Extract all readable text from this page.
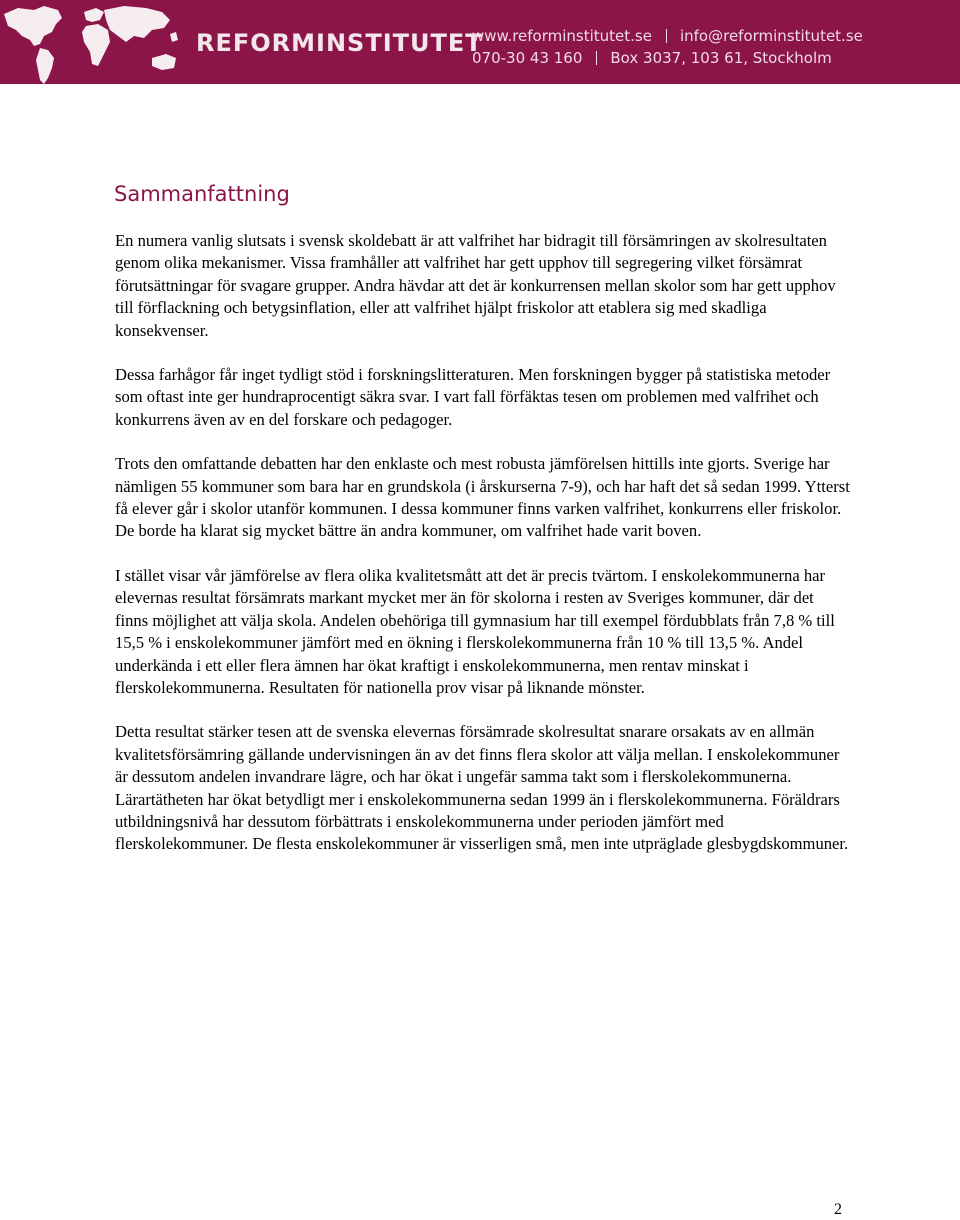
REFORMINSTITUTET
www.reforminstitutet.se info@reforminstitutet.se
070-30 43 160 Box 3037, 103 61, Stockholm
Sammanfattning

En numera vanlig slutsats i svensk skoldebatt är att valfrihet har bidragit till försämringen av skolresultaten genom olika mekanismer. Vissa framhåller att valfrihet har gett upphov till segregering vilket försämrat förutsättningar för svagare grupper. Andra hävdar att det är konkurrensen mellan skolor som har gett upphov till förflackning och betygsinflation, eller att valfrihet hjälpt friskolor att etablera sig med skadliga konsekvenser.

Dessa farhågor får inget tydligt stöd i forskningslitteraturen. Men forskningen bygger på statistiska metoder som oftast inte ger hundraprocentigt säkra svar. I vart fall förfäktas tesen om problemen med valfrihet och konkurrens även av en del forskare och pedagoger.

Trots den omfattande debatten har den enklaste och mest robusta jämförelsen hittills inte gjorts. Sverige har nämligen 55 kommuner som bara har en grundskola (i årskurserna 7-9), och har haft det så sedan 1999. Ytterst få elever går i skolor utanför kommunen. I dessa kommuner finns varken valfrihet, konkurrens eller friskolor. De borde ha klarat sig mycket bättre än andra kommuner, om valfrihet hade varit boven.

I stället visar vår jämförelse av flera olika kvalitetsmått att det är precis tvärtom. I enskolekommunerna har elevernas resultat försämrats markant mycket mer än för skolorna i resten av Sveriges kommuner, där det finns möjlighet att välja skola. Andelen obehöriga till gymnasium har till exempel fördubblats från 7,8 % till 15,5 % i enskolekommuner jämfört med en ökning i flerskolekommunerna från 10 % till 13,5 %. Andel underkända i ett eller flera ämnen har ökat kraftigt i enskolekommunerna, men rentav minskat i flerskolekommunerna. Resultaten för nationella prov visar på liknande mönster.

Detta resultat stärker tesen att de svenska elevernas försämrade skolresultat snarare orsakats av en allmän kvalitetsförsämring gällande undervisningen än av det finns flera skolor att välja mellan. I enskolekommuner är dessutom andelen invandrare lägre, och har ökat i ungefär samma takt som i flerskolekommunerna. Lärartätheten har ökat betydligt mer i enskolekommunerna sedan 1999 än i flerskolekommunerna. Föräldrars utbildningsnivå har dessutom förbättrats i enskolekommunerna under perioden jämfört med flerskolekommuner. De flesta enskolekommuner är visserligen små, men inte utpräglade glesbygdskommuner.

2
